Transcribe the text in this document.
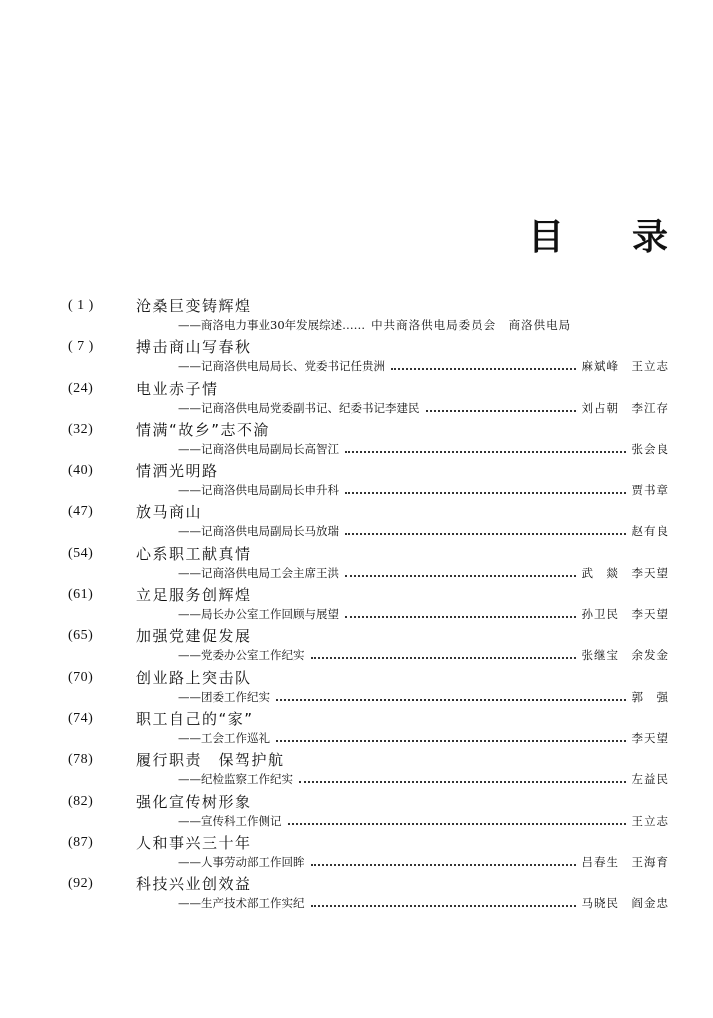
目 录
( 1 )	沧桑巨变铸辉煌
——商洛电力事业30年发展综述…… 中共商洛供电局委员会　商洛供电局
( 7 )	搏击商山写春秋
——记商洛供电局局长、党委书记任贵洲	麻斌峰　王立志
(24)	电业赤子情
——记商洛供电局党委副书记、纪委书记李建民	刘占朝　李江存
(32)	情满“故乡”志不渝
——记商洛供电局副局长高智江	张会良
(40)	情洒光明路
——记商洛供电局副局长申升科	贾书章
(47)	放马商山
——记商洛供电局副局长马放瑞	赵有良
(54)	心系职工献真情
——记商洛供电局工会主席王洪	武　燚　李天望
(61)	立足服务创辉煌
——局长办公室工作回顾与展望	孙卫民　李天望
(65)	加强党建促发展
——党委办公室工作纪实	张继宝　余发金
(70)	创业路上突击队
——团委工作纪实	郭　强
(74)	职工自己的“家”
——工会工作巡礼	李天望
(78)	履行职责　保驾护航
——纪检监察工作纪实	左益民
(82)	强化宣传树形象
——宣传科工作侧记	王立志
(87)	人和事兴三十年
——人事劳动部工作回眸	吕春生　王海育
(92)	科技兴业创效益
——生产技术部工作实纪	马晓民　阎金忠
